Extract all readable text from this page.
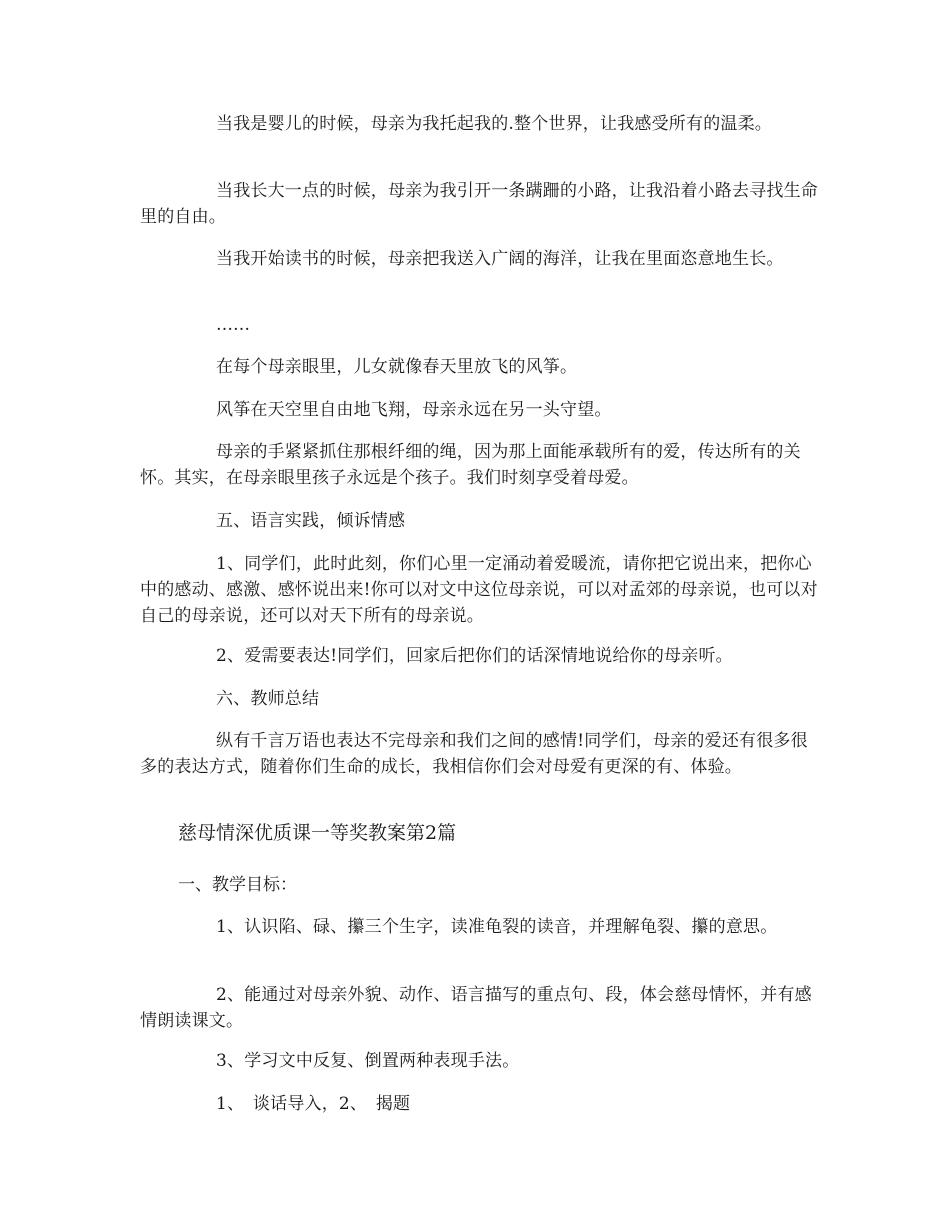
当我是婴儿的时候，母亲为我托起我的.整个世界，让我感受所有的温柔。

当我长大一点的时候，母亲为我引开一条蹒跚的小路，让我沿着小路去寻找生命里的自由。

当我开始读书的时候，母亲把我送入广阔的海洋，让我在里面恣意地生长。

……

在每个母亲眼里，儿女就像春天里放飞的风筝。

风筝在天空里自由地飞翔，母亲永远在另一头守望。

母亲的手紧紧抓住那根纤细的绳，因为那上面能承载所有的爱，传达所有的关怀。其实，在母亲眼里孩子永远是个孩子。我们时刻享受着母爱。

五、语言实践，倾诉情感

1、同学们，此时此刻，你们心里一定涌动着爱暖流，请你把它说出来，把你心中的感动、感激、感怀说出来!你可以对文中这位母亲说，可以对孟郊的母亲说，也可以对自己的母亲说，还可以对天下所有的母亲说。

2、爱需要表达!同学们，回家后把你们的话深情地说给你的母亲听。

六、教师总结

纵有千言万语也表达不完母亲和我们之间的感情!同学们，母亲的爱还有很多很多的表达方式，随着你们生命的成长，我相信你们会对母爱有更深的有、体验。

慈母情深优质课一等奖教案第2篇

一、教学目标：

1、认识陷、碌、攥三个生字，读准龟裂的读音，并理解龟裂、攥的意思。

2、能通过对母亲外貌、动作、语言描写的重点句、段，体会慈母情怀，并有感情朗读课文。

3、学习文中反复、倒置两种表现手法。

1、　谈话导入，2、　揭题
